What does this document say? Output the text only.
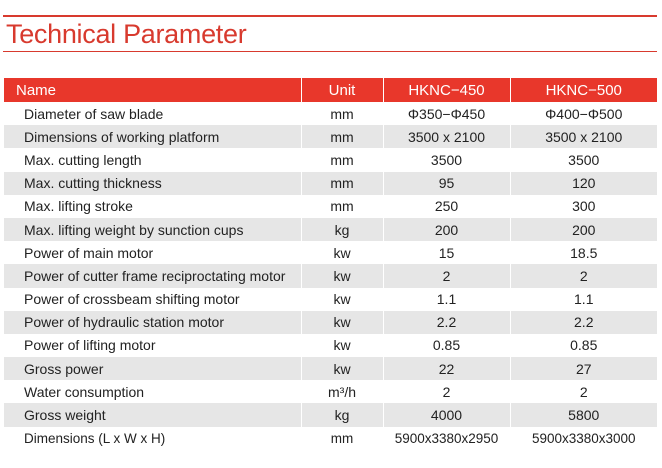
Technical Parameter
Name	Unit	HKNC−450	HKNC−500
Diameter of saw blade	mm	Φ350−Φ450	Φ400−Φ500
Dimensions of working platform	mm	3500 x 2100	3500 x 2100
Max. cutting length	mm	3500	3500
Max. cutting thickness	mm	95	120
Max. lifting stroke	mm	250	300
Max. lifting weight by sunction cups	kg	200	200
Power of main motor	kw	15	18.5
Power of cutter frame reciproctating motor	kw	2	2
Power of crossbeam shifting motor	kw	1.1	1.1
Power of hydraulic station motor	kw	2.2	2.2
Power of lifting motor	kw	0.85	0.85
Gross power	kw	22	27
Water consumption	m³/h	2	2
Gross weight	kg	4000	5800
Dimensions (L x W x H)	mm	5900x3380x2950	5900x3380x3000
